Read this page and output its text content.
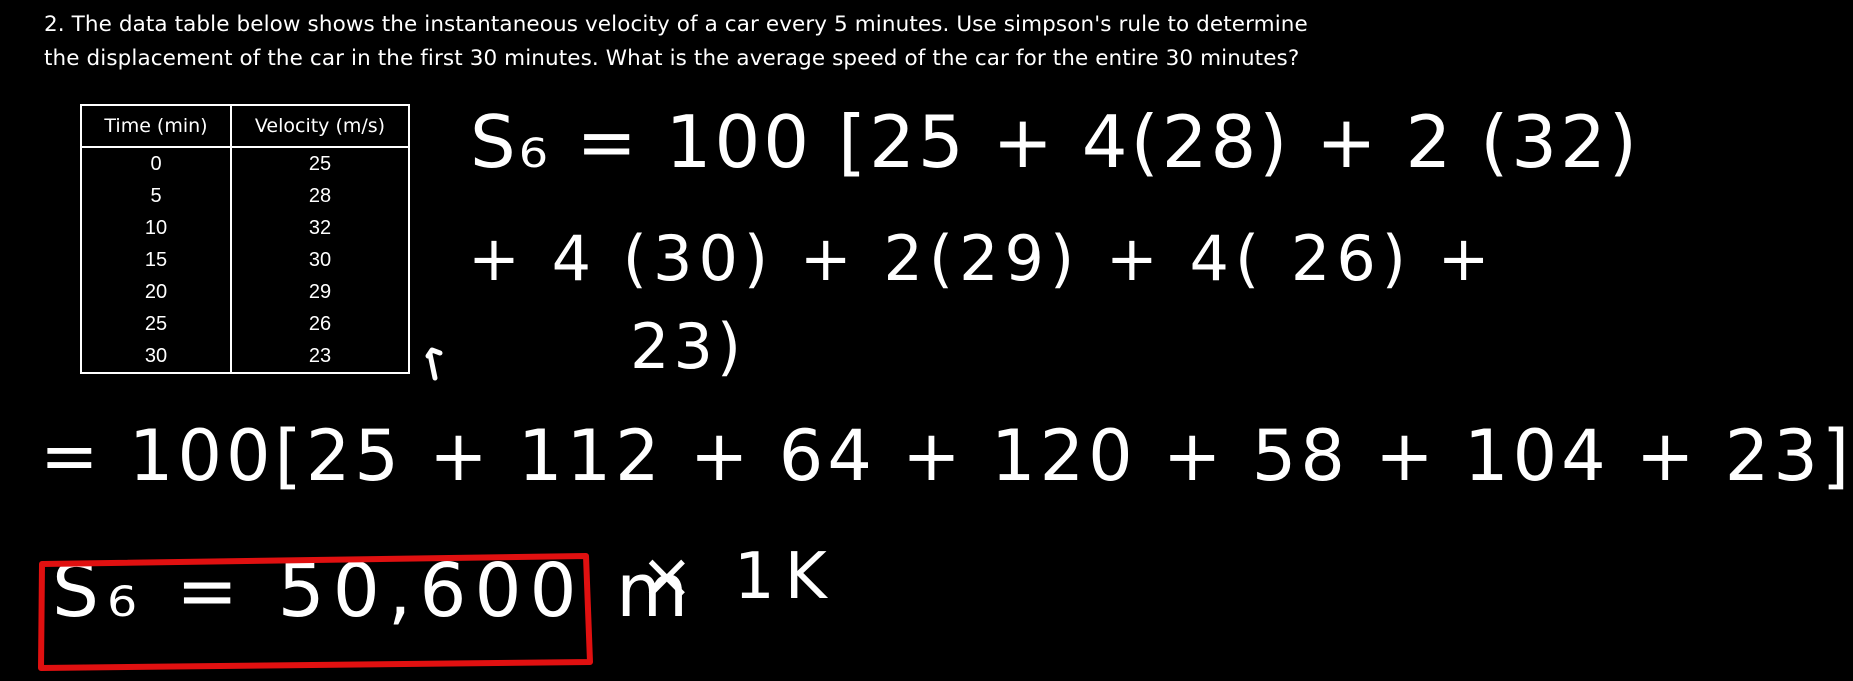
2. The data table below shows the instantaneous velocity of a car every 5 minutes. Use simpson's rule to determine
the displacement of the car in the first 30 minutes. What is the average speed of the car for the entire 30 minutes?
Time (min)	Velocity (m/s)
0	25
5	28
10	32
15	30
20	29
25	26
30	23
S₆ = 100 [25 + 4(28) + 2 (32)
+ 4 (30) + 2(29) + 4( 26) +
23)
= 100[25 + 112 + 64 + 120 + 58 + 104 + 23]
S₆ = 50,600 m
× 1K
